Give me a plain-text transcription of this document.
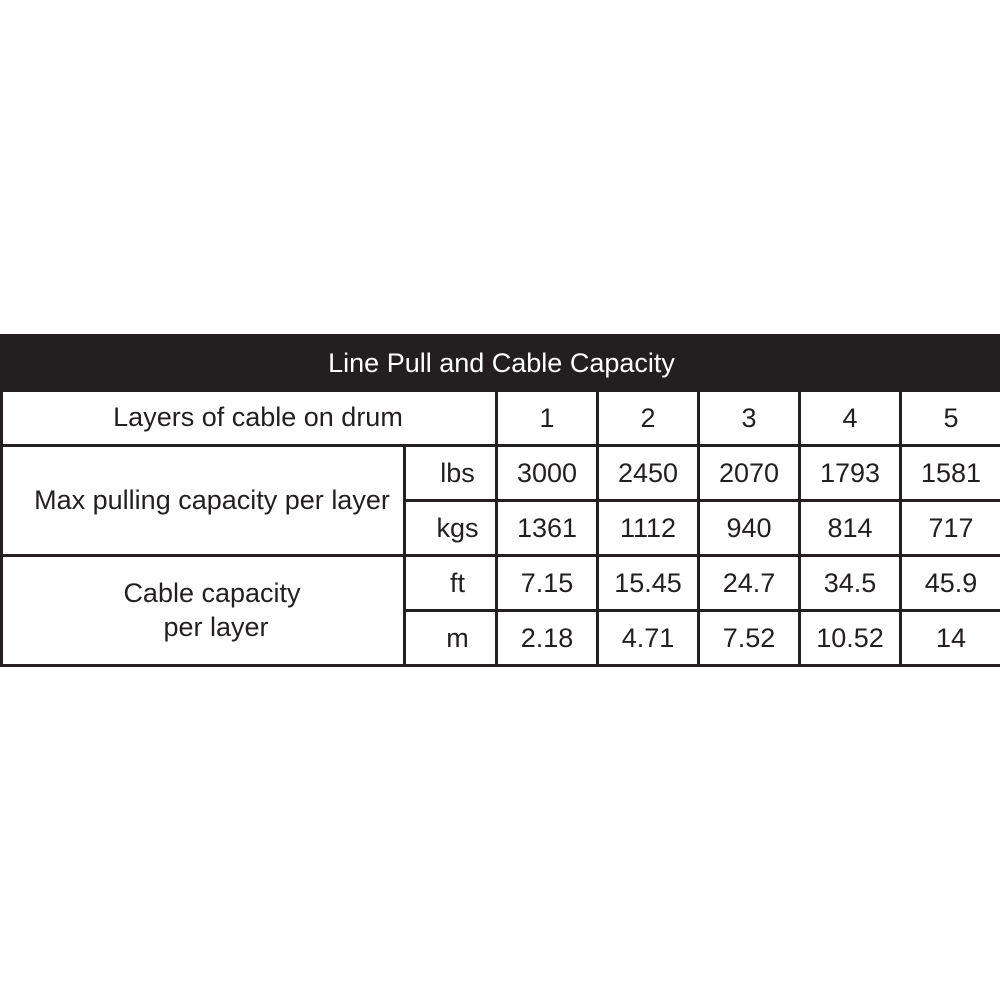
Line Pull and Cable Capacity						
Layers of cable on drum		1	2	3	4	5
Max pulling capacity per layer	lbs	3000	2450	2070	1793	1581
	kgs	1361	1112	940	814	717
Cable capacity
per layer	ft	7.15	15.45	24.7	34.5	45.9
	m	2.18	4.71	7.52	10.52	14
